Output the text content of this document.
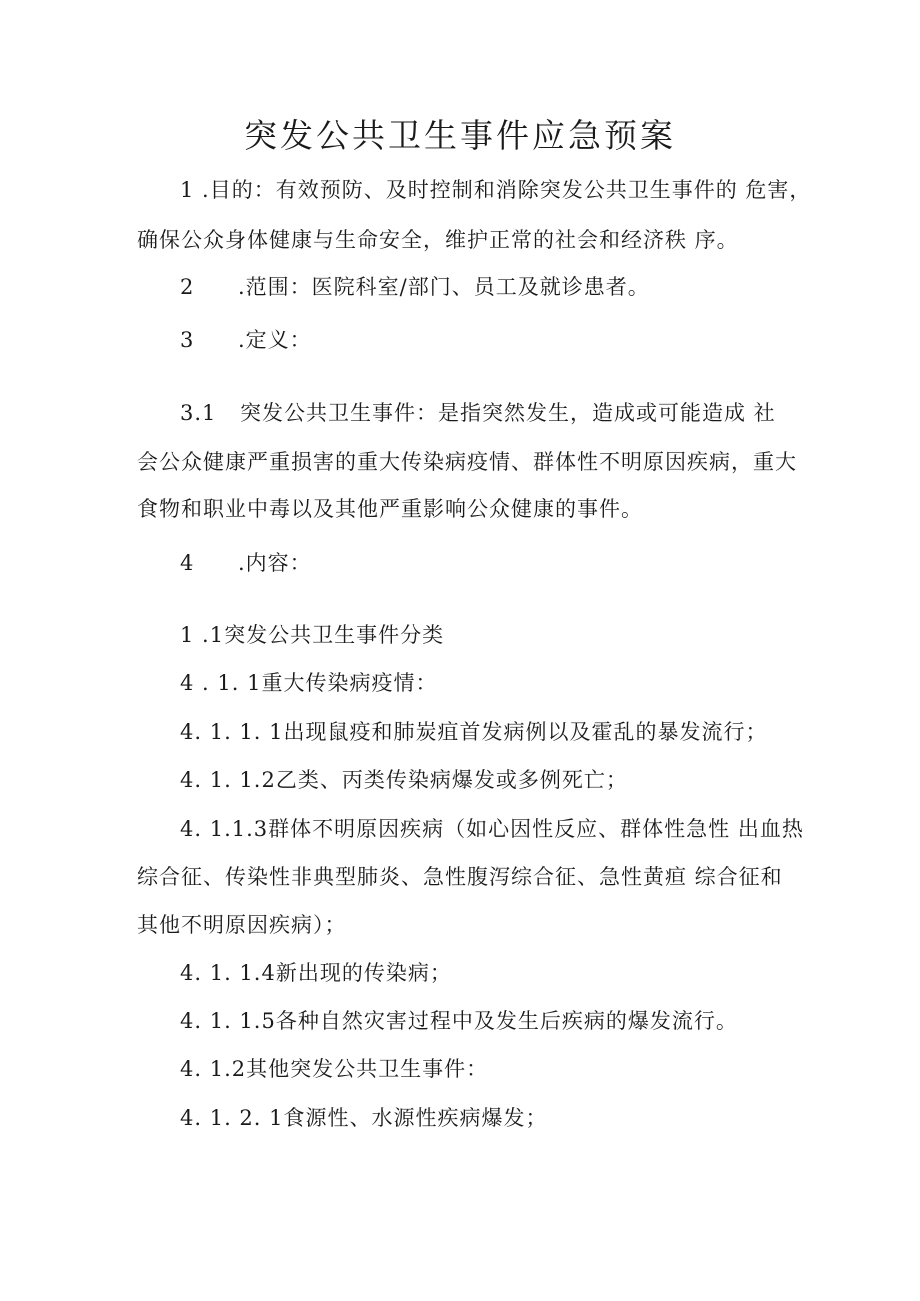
突发公共卫生事件应急预案
1 .目的：有效预防、及时控制和消除突发公共卫生事件的 危害，
确保公众身体健康与生命安全，维护正常的社会和经济秩 序。
2 .范围：医院科室/部门、员工及就诊患者。
3 .定义：
3.1 突发公共卫生事件：是指突然发生，造成或可能造成 社
会公众健康严重损害的重大传染病疫情、群体性不明原因疾病，重大
食物和职业中毒以及其他严重影响公众健康的事件。
4 .内容：
1 .1突发公共卫生事件分类
4 . 1. 1重大传染病疫情：
4. 1. 1. 1出现鼠疫和肺炭疽首发病例以及霍乱的暴发流行；
4. 1. 1.2乙类、丙类传染病爆发或多例死亡；
4. 1.1.3群体不明原因疾病（如心因性反应、群体性急性 出血热
综合征、传染性非典型肺炎、急性腹泻综合征、急性黄疸 综合征和
其他不明原因疾病）；
4. 1. 1.4新出现的传染病；
4. 1. 1.5各种自然灾害过程中及发生后疾病的爆发流行。
4. 1.2其他突发公共卫生事件：
4. 1. 2. 1食源性、水源性疾病爆发；
